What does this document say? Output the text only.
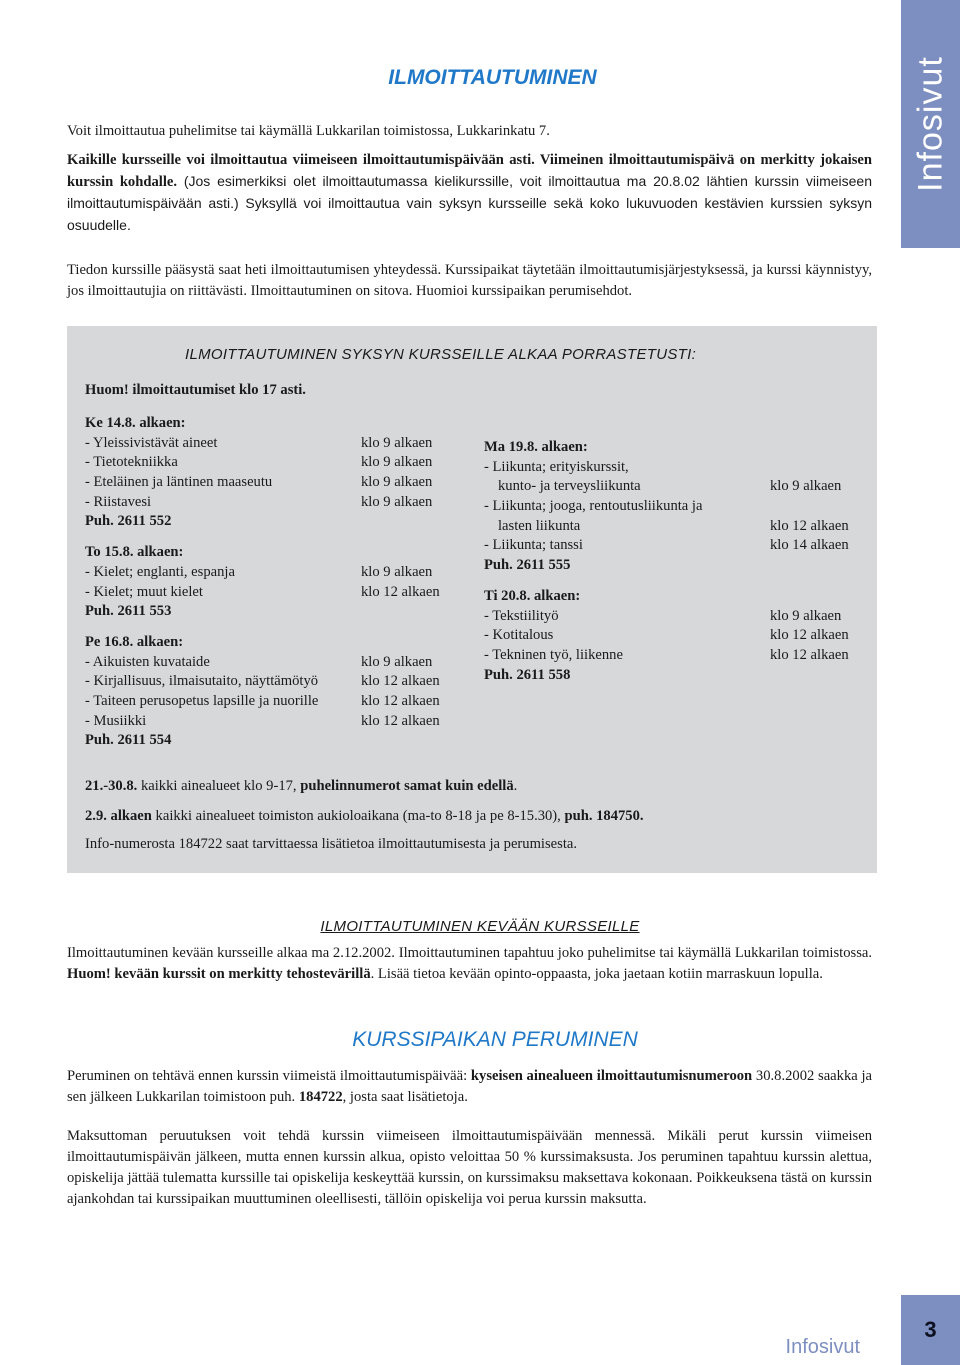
Infosivut
ILMOITTAUTUMINEN

Voit ilmoittautua puhelimitse tai käymällä Lukkarilan toimistossa, Lukkarinkatu 7.

Kaikille kursseille voi ilmoittautua viimeiseen ilmoittautumispäivään asti. Viimeinen ilmoittautumispäivä on merkitty jokaisen kurssin kohdalle. (Jos esimerkiksi olet ilmoittautumassa kielikurssille, voit ilmoittautua ma 20.8.02 lähtien kurssin viimeiseen ilmoittautumispäivään asti.) Syksyllä voi ilmoittautua vain syksyn kursseille sekä koko lukuvuoden kestävien kurssien syksyn osuudelle.

Tiedon kurssille pääsystä saat heti ilmoittautumisen yhteydessä. Kurssipaikat täytetään ilmoittautumisjärjestyksessä, ja kurssi käynnistyy, jos ilmoittautujia on riittävästi. Ilmoittautuminen on sitova. Huomioi kurssipaikan perumisehdot.

ILMOITTAUTUMINEN SYKSYN KURSSEILLE ALKAA PORRASTETUSTI:
Huom! ilmoittautumiset klo 17 asti.
Ke 14.8. alkaen:
- Yleissivistävät aineet	klo 9 alkaen
- Tietotekniikka	klo 9 alkaen
- Eteläinen ja läntinen maaseutu	klo 9 alkaen
- Riistavesi	klo 9 alkaen
Puh. 2611 552
To 15.8. alkaen:
- Kielet; englanti, espanja	klo 9 alkaen
- Kielet; muut kielet	klo 12 alkaen
Puh. 2611 553
Pe 16.8. alkaen:
- Aikuisten kuvataide	klo 9 alkaen
- Kirjallisuus, ilmaisutaito, näyttämötyö	klo 12 alkaen
- Taiteen perusopetus lapsille ja nuorille	klo 12 alkaen
- Musiikki	klo 12 alkaen
Puh. 2611 554
Ma 19.8. alkaen:
- Liikunta; erityiskurssit,
kunto- ja terveysliikunta	klo 9 alkaen
- Liikunta; jooga, rentoutusliikunta ja
lasten liikunta	klo 12 alkaen
- Liikunta; tanssi	klo 14 alkaen
Puh. 2611 555
Ti 20.8. alkaen:
- Tekstiilityö	klo 9 alkaen
- Kotitalous	klo 12 alkaen
- Tekninen työ, liikenne	klo 12 alkaen
Puh. 2611 558
21.-30.8. kaikki ainealueet klo 9-17, puhelinnumerot samat kuin edellä.
2.9. alkaen kaikki ainealueet toimiston aukioloaikana (ma-to 8-18 ja pe 8-15.30), puh. 184750.
Info-numerosta 184722 saat tarvittaessa lisätietoa ilmoittautumisesta ja perumisesta.
ILMOITTAUTUMINEN KEVÄÄN KURSSEILLE

Ilmoittautuminen kevään kursseille alkaa ma 2.12.2002. Ilmoittautuminen tapahtuu joko puhelimitse tai käymällä Lukkarilan toimistossa. Huom! kevään kurssit on merkitty tehostevärillä. Lisää tietoa kevään opinto-oppaasta, joka jaetaan kotiin marraskuun lopulla.

KURSSIPAIKAN PERUMINEN

Peruminen on tehtävä ennen kurssin viimeistä ilmoittautumispäivää: kyseisen ainealueen ilmoittautumisnumeroon 30.8.2002 saakka ja sen jälkeen Lukkarilan toimistoon puh. 184722, josta saat lisätietoja.

Maksuttoman peruutuksen voit tehdä kurssin viimeiseen ilmoittautumispäivään mennessä. Mikäli perut kurssin viimeisen ilmoittautumispäivän jälkeen, mutta ennen kurssin alkua, opisto veloittaa 50 % kurssimaksusta. Jos peruminen tapahtuu kurssin alettua, opiskelija jättää tulematta kurssille tai opiskelija keskeyttää kurssin, on kurssimaksu maksettava kokonaan. Poikkeuksena tästä on kurssin ajankohdan tai kurssipaikan muuttuminen oleellisesti, tällöin opiskelija voi perua kurssin maksutta.

Infosivut
3
